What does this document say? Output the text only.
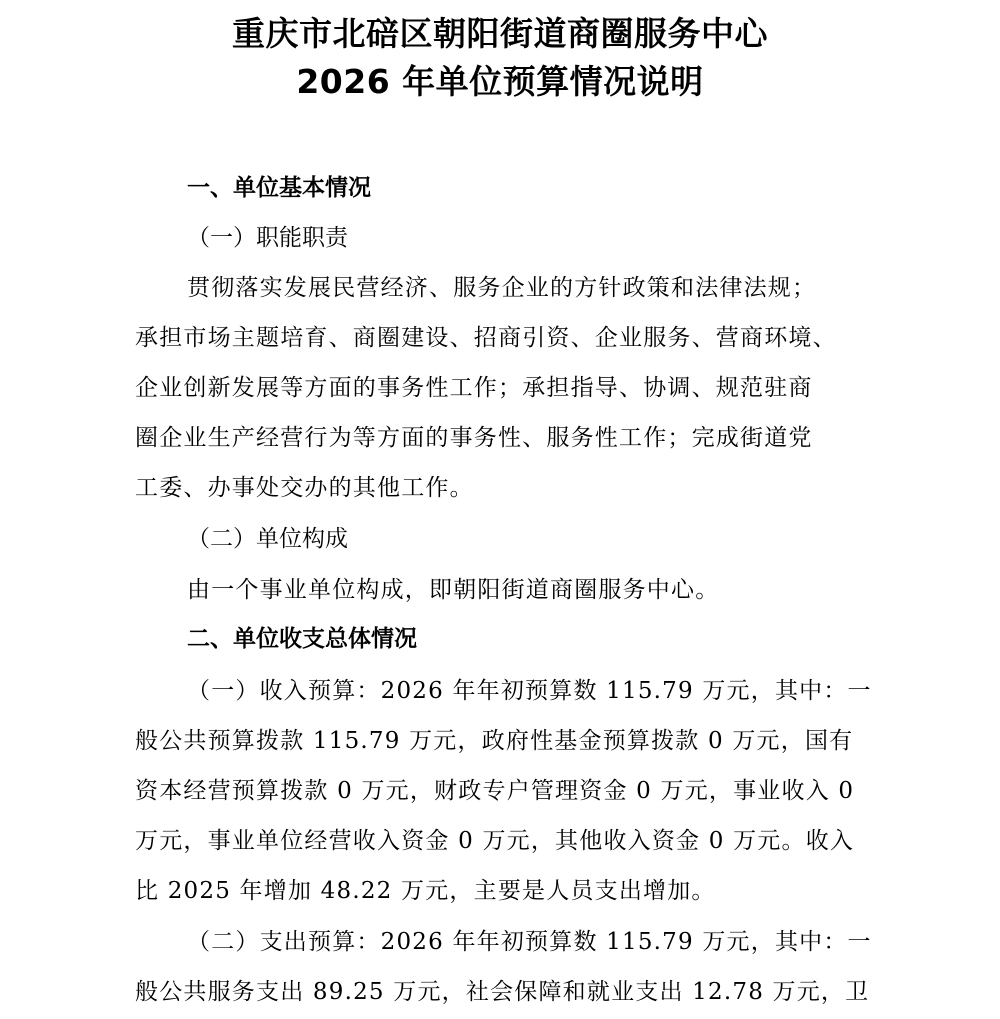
重庆市北碚区朝阳街道商圈服务中心
2026 年单位预算情况说明
一、单位基本情况
（一）职能职责
贯彻落实发展民营经济、服务企业的方针政策和法律法规；
承担市场主题培育、商圈建设、招商引资、企业服务、营商环境、
企业创新发展等方面的事务性工作；承担指导、协调、规范驻商
圈企业生产经营行为等方面的事务性、服务性工作；完成街道党
工委、办事处交办的其他工作。
（二）单位构成
由一个事业单位构成，即朝阳街道商圈服务中心。
二、单位收支总体情况
（一）收入预算：2026 年年初预算数 115.79 万元，其中：一
般公共预算拨款 115.79 万元，政府性基金预算拨款 0 万元，国有
资本经营预算拨款 0 万元，财政专户管理资金 0 万元，事业收入 0
万元，事业单位经营收入资金 0 万元，其他收入资金 0 万元。收入
比 2025 年增加 48.22 万元，主要是人员支出增加。
（二）支出预算：2026 年年初预算数 115.79 万元，其中：一
般公共服务支出 89.25 万元，社会保障和就业支出 12.78 万元，卫
